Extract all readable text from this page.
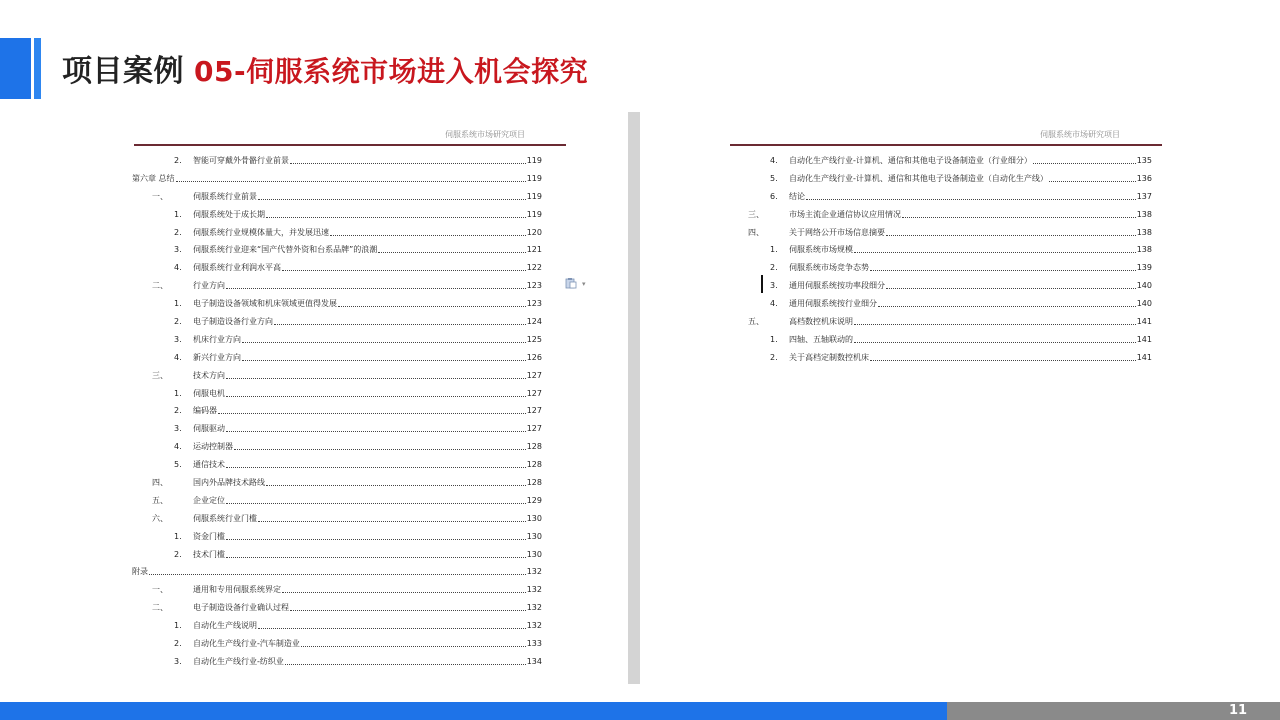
项目案例 05-伺服系统市场进入机会探究
伺服系统市场研究项目
2.	智能可穿戴外骨骼行业前景	119
第六章 总结	119
一、	伺服系统行业前景	119
1.	伺服系统处于成长期	119
2.	伺服系统行业规模体量大，并发展迅速	120
3.	伺服系统行业迎来“国产代替外资和台系品牌”的浪潮	121
4.	伺服系统行业利润水平高	122
二、	行业方向	123
1.	电子制造设备领域和机床领域更值得发展	123
2.	电子制造设备行业方向	124
3.	机床行业方向	125
4.	新兴行业方向	126
三、	技术方向	127
1.	伺服电机	127
2.	编码器	127
3.	伺服驱动	127
4.	运动控制器	128
5.	通信技术	128
四、	国内外品牌技术路线	128
五、	企业定位	129
六、	伺服系统行业门槛	130
1.	资金门槛	130
2.	技术门槛	130
附录	132
一、	通用和专用伺服系统界定	132
二、	电子制造设备行业确认过程	132
1.	自动化生产线说明	132
2.	自动化生产线行业-汽车制造业	133
3.	自动化生产线行业-纺织业	134
伺服系统市场研究项目
4.	自动化生产线行业-计算机、通信和其他电子设备制造业（行业细分）	135
5.	自动化生产线行业-计算机、通信和其他电子设备制造业（自动化生产线）	136
6.	结论	137
三、	市场主流企业通信协议应用情况	138
四、	关于网络公开市场信息摘要	138
1.	伺服系统市场规模	138
2.	伺服系统市场竞争态势	139
3.	通用伺服系统按功率段细分	140
4.	通用伺服系统按行业细分	140
五、	高档数控机床说明	141
1.	四轴、五轴联动的	141
2.	关于高档定制数控机床	141
▾
11
